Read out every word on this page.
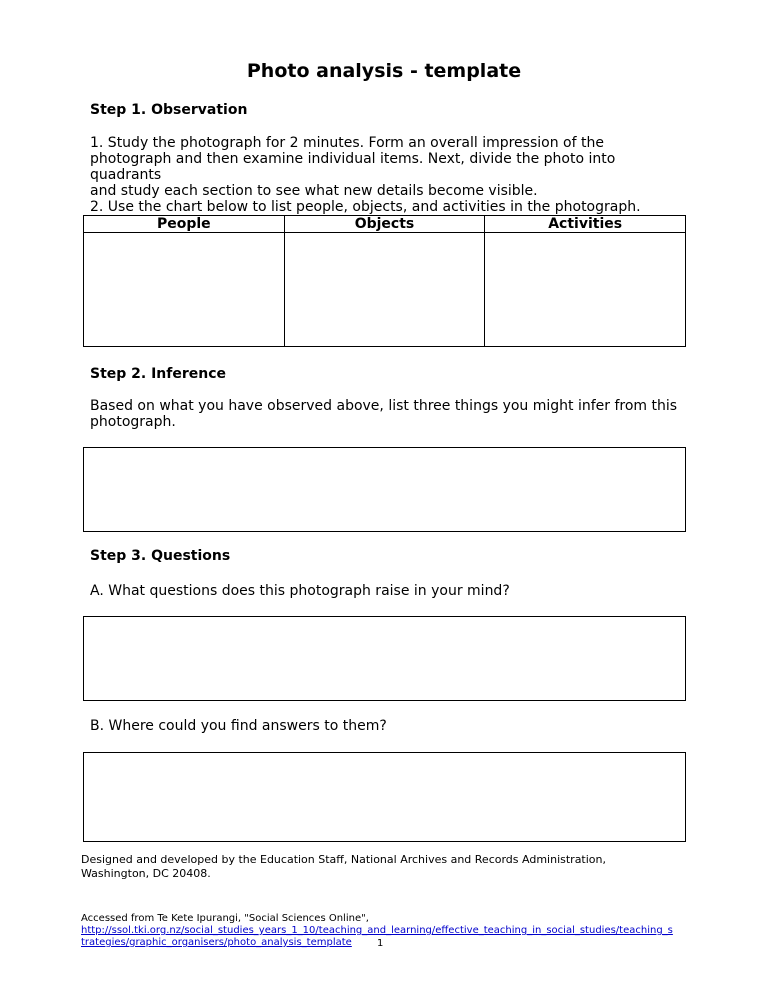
Photo analysis - template
Step 1. Observation
1. Study the photograph for 2 minutes. Form an overall impression of the
photograph and then examine individual items. Next, divide the photo into quadrants
and study each section to see what new details become visible.
2. Use the chart below to list people, objects, and activities in the photograph.
People	Objects	Activities

Step 2. Inference
Based on what you have observed above, list three things you might infer from this
photograph.
Step 3. Questions
A. What questions does this photograph raise in your mind?
B. Where could you find answers to them?
Designed and developed by the Education Staff, National Archives and Records Administration,
Washington, DC 20408.
Accessed from Te Kete Ipurangi, "Social Sciences Online",
http://ssol.tki.org.nz/social_studies_years_1_10/teaching_and_learning/effective_teaching_in_social_studies/teaching_s
trategies/graphic_organisers/photo_analysis_template	1
